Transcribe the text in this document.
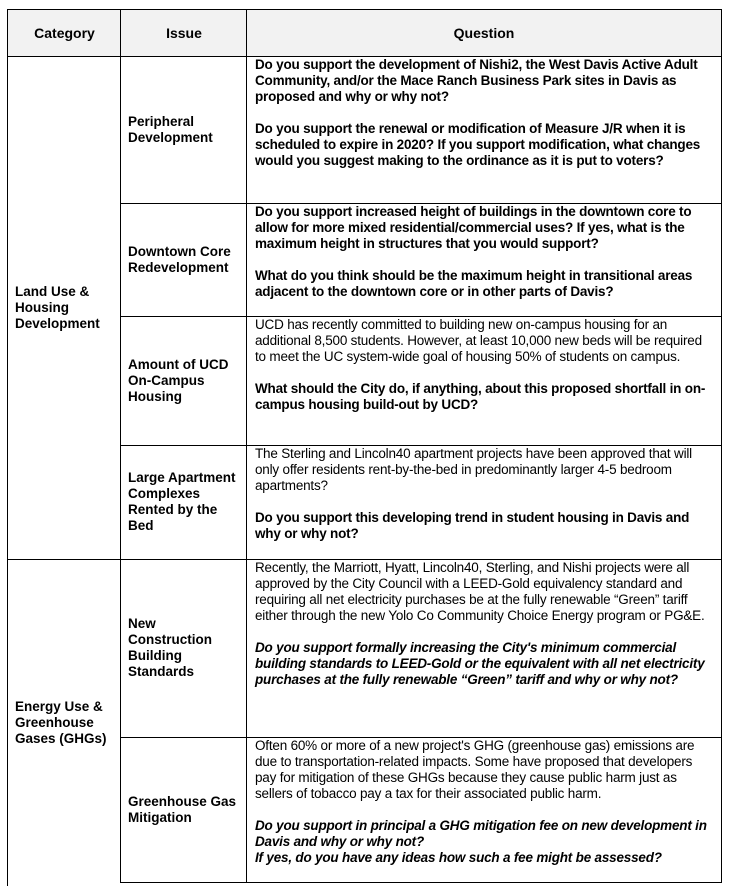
Category	Issue	Question
Land Use & Housing Development
Energy Use & Greenhouse Gases (GHGs)
Peripheral Development

Do you support the development of Nishi2, the West Davis Active Adult Community, and/or the Mace Ranch Business Park sites in Davis as proposed and why or why not?

Do you support the renewal or modification of Measure J/R when it is scheduled to expire in 2020? If you support modification, what changes would you suggest making to the ordinance as it is put to voters?

Downtown Core Redevelopment

Do you support increased height of buildings in the downtown core to allow for more mixed residential/commercial uses? If yes, what is the maximum height in structures that you would support?

What do you think should be the maximum height in transitional areas adjacent to the downtown core or in other parts of Davis?

Amount of UCD On-Campus Housing

UCD has recently committed to building new on-campus housing for an additional 8,500 students. However, at least 10,000 new beds will be required to meet the UC system-wide goal of housing 50% of students on campus.

What should the City do, if anything, about this proposed shortfall in on-campus housing build-out by UCD?

Large Apartment Complexes Rented by the Bed

The Sterling and Lincoln40 apartment projects have been approved that will only offer residents rent-by-the-bed in predominantly larger 4-5 bedroom apartments?

Do you support this developing trend in student housing in Davis and why or why not?

New Construction Building Standards

Recently, the Marriott, Hyatt, Lincoln40, Sterling, and Nishi projects were all approved by the City Council with a LEED-Gold equivalency standard and requiring all net electricity purchases be at the fully renewable “Green” tariff either through the new Yolo Co Community Choice Energy program or PG&E.

Do you support formally increasing the City's minimum commercial building standards to LEED-Gold or the equivalent with all net electricity purchases at the fully renewable “Green” tariff and why or why not?

Greenhouse Gas Mitigation

Often 60% or more of a new project's GHG (greenhouse gas) emissions are due to transportation-related impacts. Some have proposed that developers pay for mitigation of these GHGs because they cause public harm just as sellers of tobacco pay a tax for their associated public harm.

Do you support in principal a GHG mitigation fee on new development in Davis and why or why not?
If yes, do you have any ideas how such a fee might be assessed?
